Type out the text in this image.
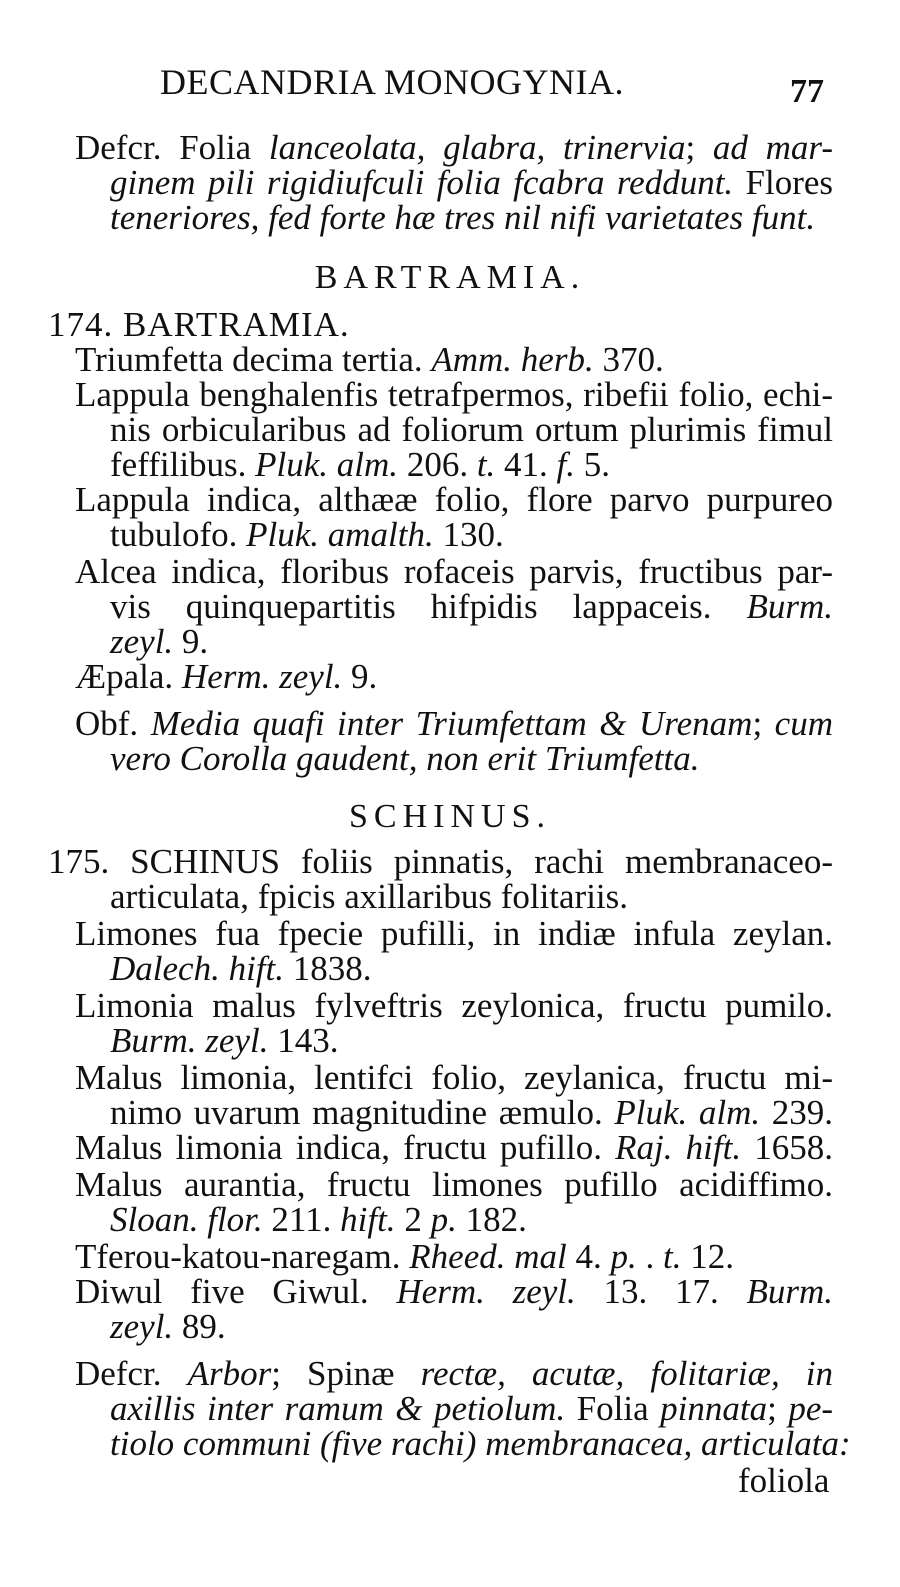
DECANDRIA MONOGYNIA.	77
Defcr. Folia lanceolata, glabra, trinervia; ad mar-
ginem pili rigidiufculi folia fcabra reddunt. Flores
teneriores, fed forte hæ tres nil nifi varietates funt.
BARTRAMIA.
174. BARTRAMIA.
Triumfetta decima tertia. Amm. herb. 370.
Lappula benghalenfis tetrafpermos, ribefii folio, echi-
nis orbicularibus ad foliorum ortum plurimis fimul
feffilibus. Pluk. alm. 206. t. 41. f. 5.
Lappula indica, althææ folio, flore parvo purpureo
tubulofo. Pluk. amalth. 130.
Alcea indica, floribus rofaceis parvis, fructibus par-
vis quinquepartitis hifpidis lappaceis. Burm.
zeyl. 9.
Æpala. Herm. zeyl. 9.
Obf. Media quafi inter Triumfettam & Urenam; cum
vero Corolla gaudent, non erit Triumfetta.
SCHINUS.
175. SCHINUS foliis pinnatis, rachi membranaceo-
articulata, fpicis axillaribus folitariis.
Limones fua fpecie pufilli, in indiæ infula zeylan.
Dalech. hift. 1838.
Limonia malus fylveftris zeylonica, fructu pumilo.
Burm. zeyl. 143.
Malus limonia, lentifci folio, zeylanica, fructu mi-
nimo uvarum magnitudine æmulo. Pluk. alm. 239.
Malus limonia indica, fructu pufillo. Raj. hift. 1658.
Malus aurantia, fructu limones pufillo acidiffimo.
Sloan. flor. 211. hift. 2 p. 182.
Tferou-katou-naregam. Rheed. mal 4. p. . t. 12.
Diwul five Giwul. Herm. zeyl. 13. 17. Burm.
zeyl. 89.
Defcr. Arbor; Spinæ rectæ, acutæ, folitariæ, in
axillis inter ramum & petiolum. Folia pinnata; pe-
tiolo communi (five rachi) membranacea, articulata:
foliola
